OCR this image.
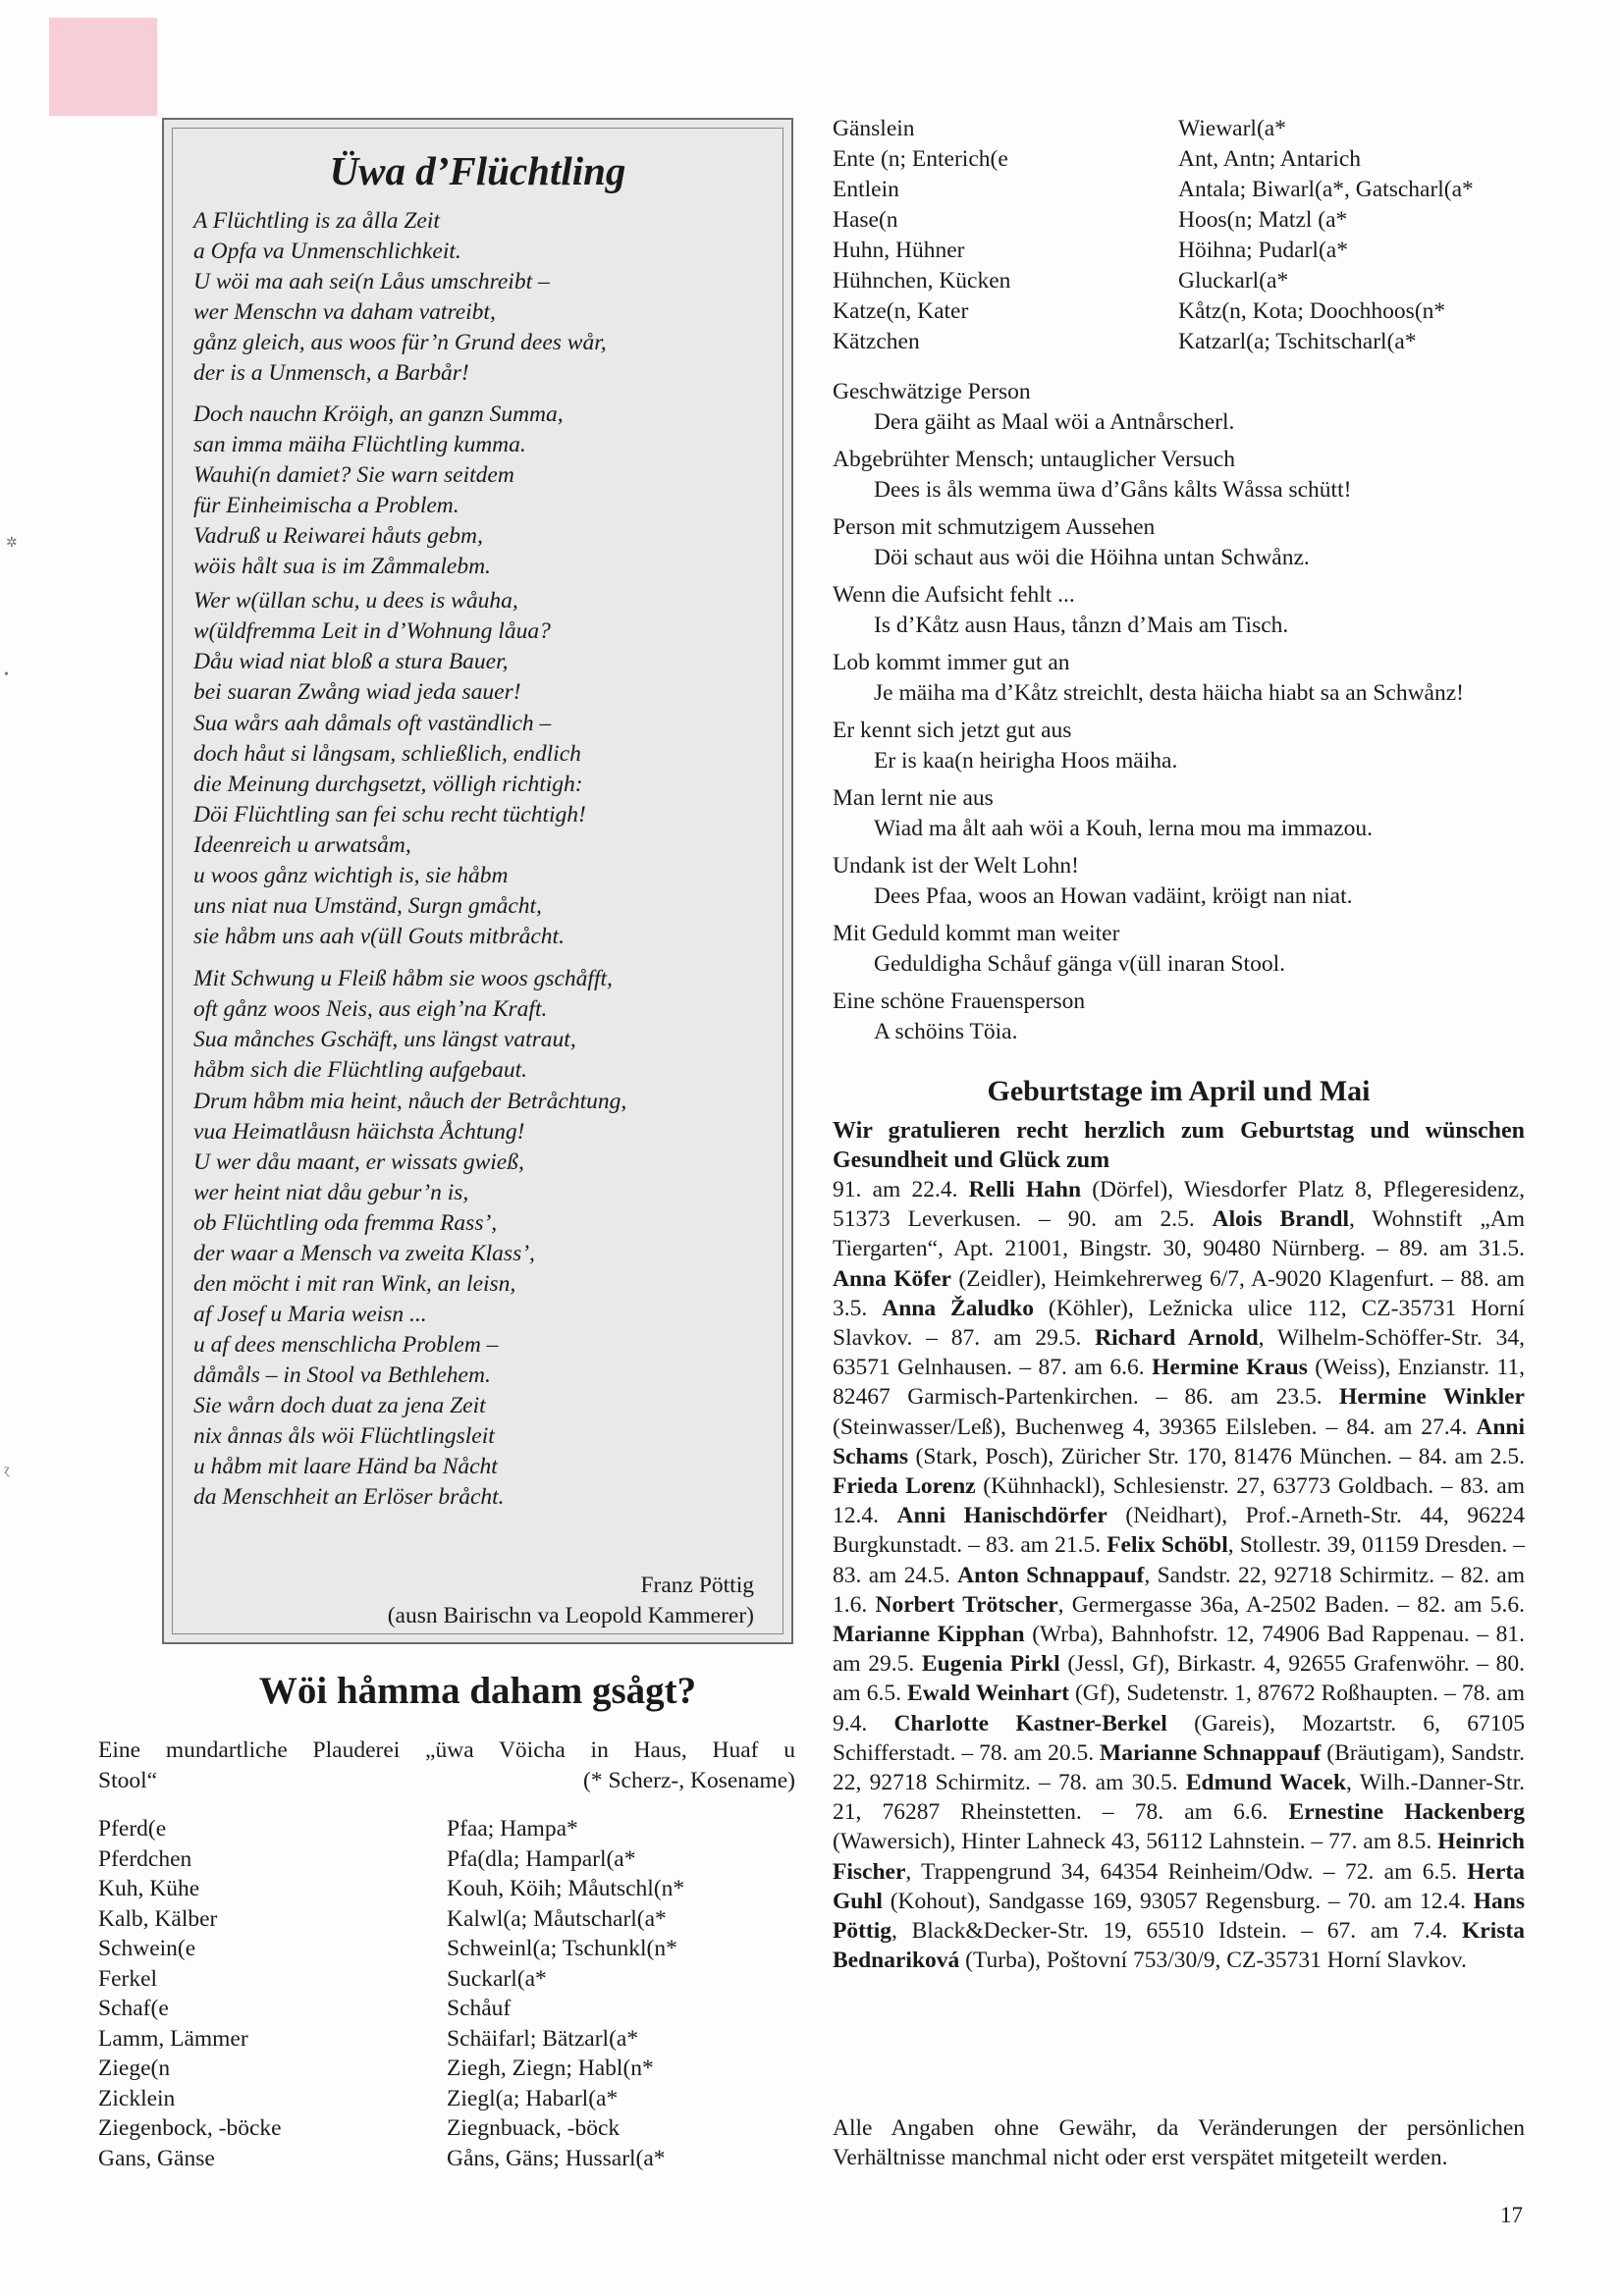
✲
•
ɀ
Üwa d’Flüchtling
A Flüchtling is za ålla Zeit
a Opfa va Unmenschlichkeit.
U wöi ma aah sei(n Låus umschreibt –
wer Menschn va daham vatreibt,
gånz gleich, aus woos für’n Grund dees wår,
der is a Unmensch, a Barbår!
Doch nauchn Kröigh, an ganzn Summa,
san imma mäiha Flüchtling kumma.
Wauhi(n damiet? Sie warn seitdem
für Einheimischa a Problem.
Vadruß u Reiwarei håuts gebm,
wöis hålt sua is im Zåmmalebm.
Wer w(üllan schu, u dees is wåuha,
w(üldfremma Leit in d’Wohnung låua?
Dåu wiad niat bloß a stura Bauer,
bei suaran Zwång wiad jeda sauer!
Sua wårs aah dåmals oft vaständlich –
doch håut si långsam, schließlich, endlich
die Meinung durchgsetzt, völligh richtigh:
Döi Flüchtling san fei schu recht tüchtigh!
Ideenreich u arwatsåm,
u woos gånz wichtigh is, sie håbm
uns niat nua Umständ, Surgn gmåcht,
sie håbm uns aah v(üll Gouts mitbråcht.
Mit Schwung u Fleiß håbm sie woos gschåfft,
oft gånz woos Neis, aus eigh’na Kraft.
Sua månches Gschäft, uns längst vatraut,
håbm sich die Flüchtling aufgebaut.
Drum håbm mia heint, nåuch der Betråchtung,
vua Heimatlåusn häichsta Åchtung!
U wer dåu maant, er wissats gwieß,
wer heint niat dåu gebur’n is,
ob Flüchtling oda fremma Rass’,
der waar a Mensch va zweita Klass’,
den möcht i mit ran Wink, an leisn,
af Josef u Maria weisn ...
u af dees menschlicha Problem –
dåmåls – in Stool va Bethlehem.
Sie wårn doch duat za jena Zeit
nix ånnas åls wöi Flüchtlingsleit
u håbm mit laare Händ ba Nåcht
da Menschheit an Erlöser bråcht.
Franz Pöttig
(ausn Bairischn va Leopold Kammerer)
Wöi håmma daham gsågt?
Eine mundartliche Plauderei „üwa Vöicha in Haus, Huaf u
Stool“	(* Scherz-, Kosename)
Pferd(e	Pfaa; Hampa*
Pferdchen	Pfa(dla; Hamparl(a*
Kuh, Kühe	Kouh, Köih; Måutschl(n*
Kalb, Kälber	Kalwl(a; Måutscharl(a*
Schwein(e	Schweinl(a; Tschunkl(n*
Ferkel	Suckarl(a*
Schaf(e	Schåuf
Lamm, Lämmer	Schäifarl; Bätzarl(a*
Ziege(n	Ziegh, Ziegn; Habl(n*
Zicklein	Ziegl(a; Habarl(a*
Ziegenbock, -böcke	Ziegnbuack, -böck
Gans, Gänse	Gåns, Gäns; Hussarl(a*
Gänslein	Wiewarl(a*
Ente (n; Enterich(e	Ant, Antn; Antarich
Entlein	Antala; Biwarl(a*, Gatscharl(a*
Hase(n	Hoos(n; Matzl (a*
Huhn, Hühner	Höihna; Pudarl(a*
Hühnchen, Kücken	Gluckarl(a*
Katze(n, Kater	Kåtz(n, Kota; Doochhoos(n*
Kätzchen	Katzarl(a; Tschitscharl(a*
Geschwätzige Person
Dera gäiht as Maal wöi a Antnårscherl.
Abgebrühter Mensch; untauglicher Versuch
Dees is åls wemma üwa d’Gåns kålts Wåssa schütt!
Person mit schmutzigem Aussehen
Döi schaut aus wöi die Höihna untan Schwånz.
Wenn die Aufsicht fehlt ...
Is d’Kåtz ausn Haus, tånzn d’Mais am Tisch.
Lob kommt immer gut an
Je mäiha ma d’Kåtz streichlt, desta häicha hiabt sa an Schwånz!
Er kennt sich jetzt gut aus
Er is kaa(n heirigha Hoos mäiha.
Man lernt nie aus
Wiad ma ålt aah wöi a Kouh, lerna mou ma immazou.
Undank ist der Welt Lohn!
Dees Pfaa, woos an Howan vadäint, kröigt nan niat.
Mit Geduld kommt man weiter
Geduldigha Schåuf gänga v(üll inaran Stool.
Eine schöne Frauensperson
A schöins Töia.
Geburtstage im April und Mai
Wir gratulieren recht herzlich zum Geburtstag und wünschen Gesundheit und Glück zum
91. am 22.4. Relli Hahn (Dörfel), Wiesdorfer Platz 8, Pflegeresidenz, 51373 Leverkusen. – 90. am 2.5. Alois Brandl, Wohnstift „Am Tiergarten“, Apt. 21001, Bingstr. 30, 90480 Nürnberg. – 89. am 31.5. Anna Köfer (Zeidler), Heimkehrerweg 6/7, A-9020 Klagenfurt. – 88. am 3.5. Anna Žaludko (Köhler), Ležnicka ulice 112, CZ-35731 Horní Slavkov. – 87. am 29.5. Richard Arnold, Wilhelm-Schöffer-Str. 34, 63571 Gelnhausen. – 87. am 6.6. Hermine Kraus (Weiss), Enzianstr. 11, 82467 Garmisch-Partenkirchen. – 86. am 23.5. Hermine Winkler (Steinwasser/Leß), Buchenweg 4, 39365 Eilsleben. – 84. am 27.4. Anni Schams (Stark, Posch), Züricher Str. 170, 81476 München. – 84. am 2.5. Frieda Lorenz (Kühnhackl), Schlesienstr. 27, 63773 Goldbach. – 83. am 12.4. Anni Hanischdörfer (Neidhart), Prof.-Arneth-Str. 44, 96224 Burgkunstadt. – 83. am 21.5. Felix Schöbl, Stollestr. 39, 01159 Dresden. – 83. am 24.5. Anton Schnappauf, Sandstr. 22, 92718 Schirmitz. – 82. am 1.6. Norbert Trötscher, Germergasse 36a, A-2502 Baden. – 82. am 5.6. Marianne Kipphan (Wrba), Bahnhofstr. 12, 74906 Bad Rappenau. – 81. am 29.5. Eugenia Pirkl (Jessl, Gf), Birkastr. 4, 92655 Grafenwöhr. – 80. am 6.5. Ewald Weinhart (Gf), Sudetenstr. 1, 87672 Roßhaupten. – 78. am 9.4. Charlotte Kastner-Berkel (Gareis), Mozartstr. 6, 67105 Schifferstadt. – 78. am 20.5. Marianne Schnappauf (Bräutigam), Sandstr. 22, 92718 Schirmitz. – 78. am 30.5. Edmund Wacek, Wilh.-Danner-Str. 21, 76287 Rheinstetten. – 78. am 6.6. Ernestine Hackenberg (Wawersich), Hinter Lahneck 43, 56112 Lahnstein. – 77. am 8.5. Heinrich Fischer, Trappengrund 34, 64354 Reinheim/Odw. – 72. am 6.5. Herta Guhl (Kohout), Sandgasse 169, 93057 Regensburg. – 70. am 12.4. Hans Pöttig, Black&Decker-Str. 19, 65510 Idstein. – 67. am 7.4. Krista Bednariková (Turba), Poštovní 753/30/9, CZ-35731 Horní Slavkov.
Alle Angaben ohne Gewähr, da Veränderungen der persönlichen Verhältnisse manchmal nicht oder erst verspätet mitgeteilt werden.
17
